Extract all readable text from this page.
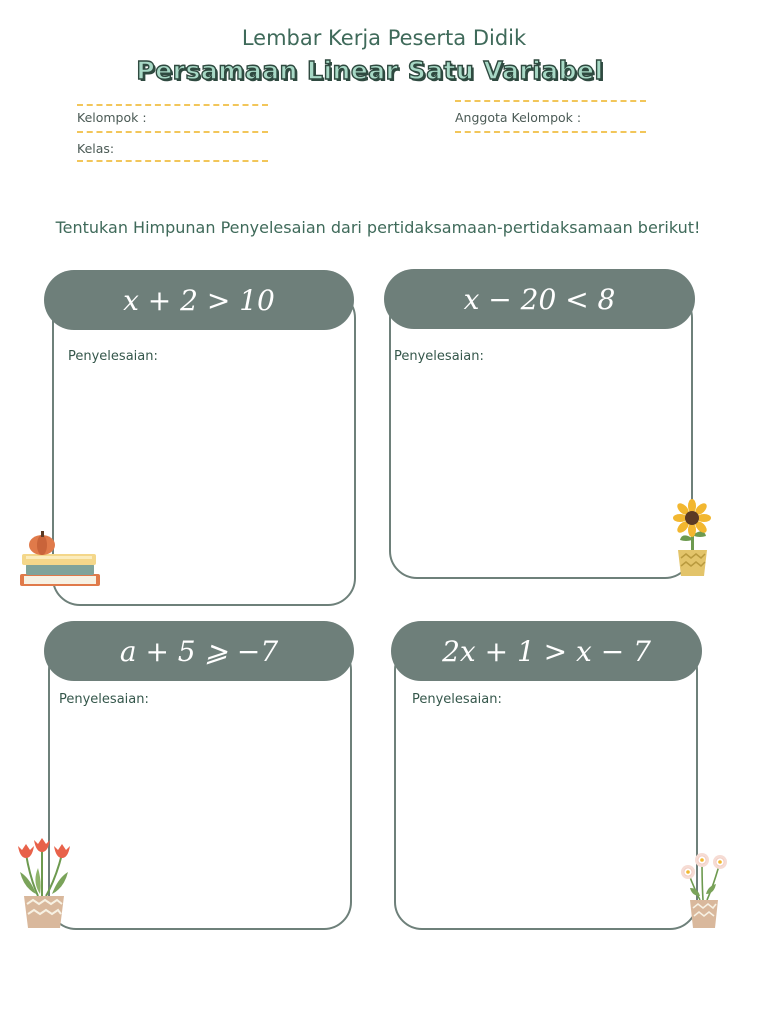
Lembar Kerja Peserta Didik
Persamaan Linear Satu Variabel
Kelompok :
Kelas:
Anggota Kelompok :
Tentukan Himpunan Penyelesaian dari pertidaksamaan-pertidaksamaan berikut!
x + 2 > 10
Penyelesaian:
x − 20 < 8
Penyelesaian:
a + 5 ⩾ −7
Penyelesaian:
2x + 1 > x − 7
Penyelesaian:
